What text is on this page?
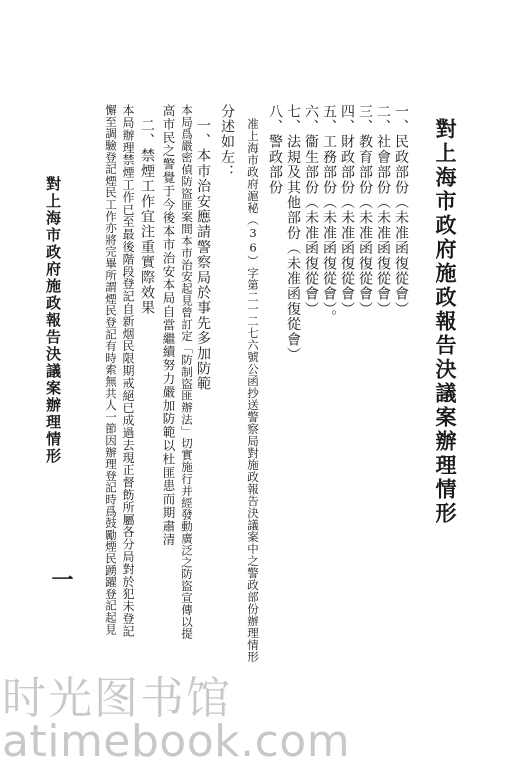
對上海市政府施政報告決議案辦理情形
一、民政部份（未准函復從會）
二、社會部份（未准函復從會）
三、教育部份（未准函復從會）
四、財政部份（未准函復從會）
五、工務部份（未准函復從會）。
六、衞生部份（未准函復從會）
七、法規及其他部份（未准函復從會）
八、警政部份
准上海市政府滬秘（36）字第二一二七六號公函抄送警察局對施政報告決議案中之警政部份辦理情形
分述如左：
一、本市治安應請警察局於事先多加防範
本局爲嚴密偵防盜匪案間本市治安起見曾訂定「防制盜匪辦法」切實施行并經發動廣泛之防盜宣傳以提
高市民之警覺于今後本市治安本局自當繼續努力嚴加防範以杜匪患而期肅清
二、禁煙工作宜注重實際效果
本局辦理禁煙工作已至最後階段登記自新烟民限期戒絕已成過去現正督飭所屬各分局對於犯未登記
懈至調驗登記煙民工作亦將完畢所謂煙民登記有時索無共人一節因辦理登記時爲鼓勵煙民踴躍登記起見
對上海市政府施政報告決議案辦理情形
一
时光图书馆
atimebook.com
